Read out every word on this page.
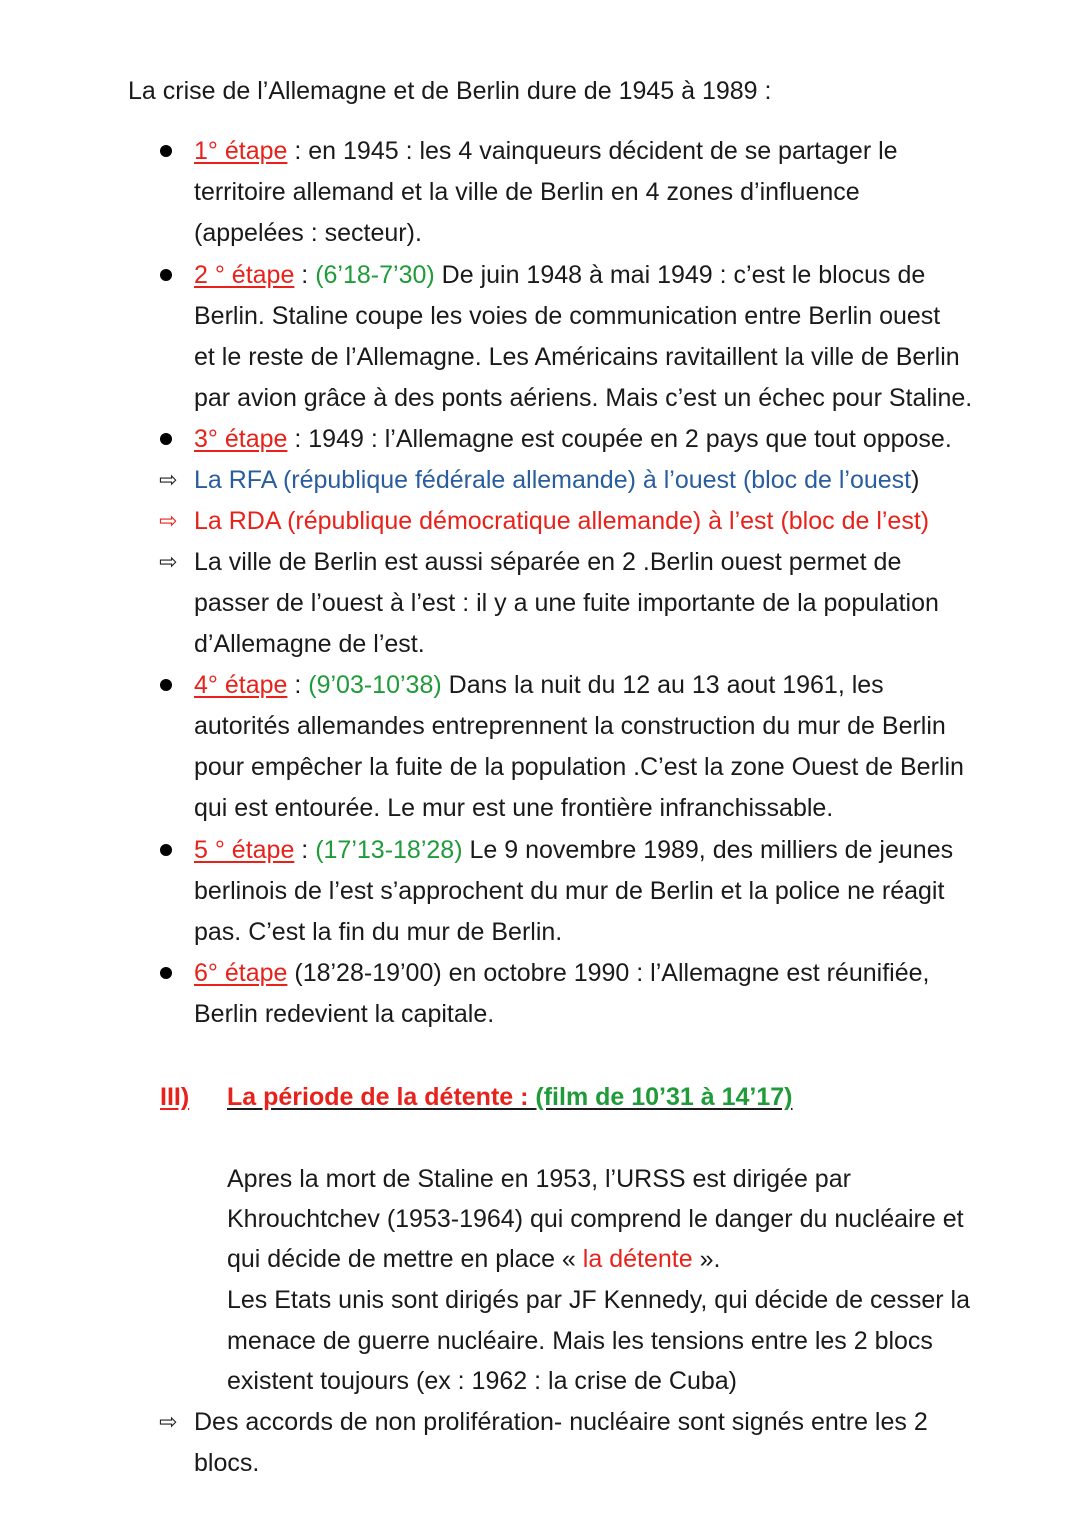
La crise de l’Allemagne et de Berlin dure de 1945 à 1989 :
1° étape : en 1945 : les 4 vainqueurs décident de se partager le
territoire allemand et la ville de Berlin en 4 zones d’influence
(appelées : secteur).
2 ° étape : (6’18-7’30) De juin 1948 à mai 1949 : c’est le blocus de
Berlin. Staline coupe les voies de communication entre Berlin ouest
et le reste de l’Allemagne. Les Américains ravitaillent la ville de Berlin
par avion grâce à des ponts aériens. Mais c’est un échec pour Staline.
3° étape : 1949 : l’Allemagne est coupée en 2 pays que tout oppose.
⇨ La RFA (république fédérale allemande) à l’ouest (bloc de l’ouest)
⇨ La RDA (république démocratique allemande) à l’est (bloc de l’est)
⇨ La ville de Berlin est aussi séparée en 2 .Berlin ouest permet de
passer de l’ouest à l’est : il y a une fuite importante de la population
d’Allemagne de l’est.
4° étape : (9’03-10’38) Dans la nuit du 12 au 13 aout 1961, les
autorités allemandes entreprennent la construction du mur de Berlin
pour empêcher la fuite de la population .C’est la zone Ouest de Berlin
qui est entourée. Le mur est une frontière infranchissable.
5 ° étape : (17’13-18’28) Le 9 novembre 1989, des milliers de jeunes
berlinois de l’est s’approchent du mur de Berlin et la police ne réagit
pas. C’est la fin du mur de Berlin.
6° étape (18’28-19’00) en octobre 1990 : l’Allemagne est réunifiée,
Berlin redevient la capitale.
III) La période de la détente : (film de 10’31 à 14’17)
Apres la mort de Staline en 1953, l’URSS est dirigée par
Khrouchtchev (1953-1964) qui comprend le danger du nucléaire et
qui décide de mettre en place « la détente ».
Les Etats unis sont dirigés par JF Kennedy, qui décide de cesser la
menace de guerre nucléaire. Mais les tensions entre les 2 blocs
existent toujours (ex : 1962 : la crise de Cuba)
⇨ Des accords de non prolifération- nucléaire sont signés entre les 2
blocs.
